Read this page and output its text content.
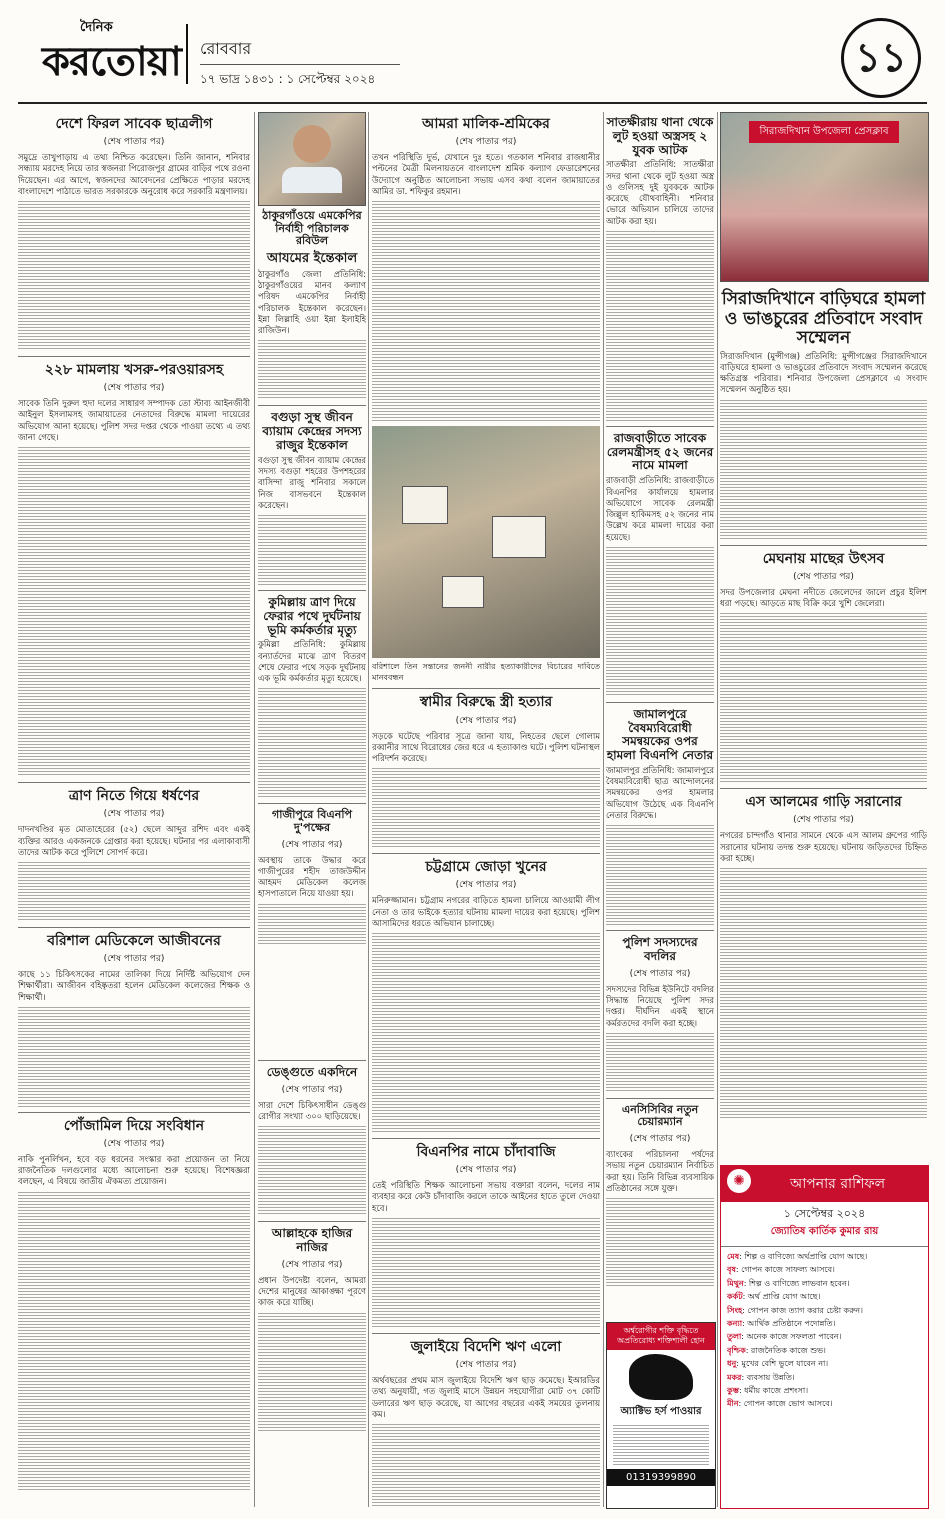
দৈনিক
করতোয়া রোববার
১৭ ভাদ্র ১৪৩১ : ১ সেপ্টেম্বর ২০২৪	১১
দেশে ফিরল সাবেক ছাত্রলীগ
(শেষ পাতার পর)
সমুদ্রে তাখুপাড়ায় এ তথ্য নিশ্চিত করেছেন। তিনি জানান, শনিবার সন্ধ্যায় মরদেহ নিয়ে তার স্বজনরা পিরোজপুর গ্রামের বাড়ির পথে রওনা দিয়েছেন। এর আগে, স্বজনদের আবেদনের প্রেক্ষিতে পাড়ার মরদেহ বাংলাদেশে পাঠাতে ভারত সরকারকে অনুরোধ করে সরকারি মন্ত্রণালয়।
২২৮ মামলায় খসরু-পরওয়ারসহ
(শেষ পাতার পর)
সাবেক তিনি দুরুল হুদা দলের সাধারণ সম্পাদক তো স্টাব্য আইনজীবী আইনুল ইসলামসহ জামায়াতের নেতাদের বিরুদ্ধে মামলা দায়েরের অভিযোগ আনা হয়েছে। পুলিশ সদর দপ্তর থেকে পাওয়া তথ্যে এ তথ্য জানা গেছে।
ত্রাণ নিতে গিয়ে ধর্ষণের
(শেষ পাতার পর)
দাদনখণ্ডির মৃত মোতাহেরের (৫২) ছেলে আব্দুর রশিদ এবং একই ব্যক্তির আরও একজনকে গ্রেপ্তার করা হয়েছে। ঘটনার পর এলাকাবাসী তাদের আটক করে পুলিশে সোপর্দ করে।
বরিশাল মেডিকেলে আজীবনের
(শেষ পাতার পর)
কাছে ১১ চিকিৎসকের নামের তালিকা দিয়ে নির্দিষ্ট অভিযোগ দেন শিক্ষার্থীরা। আজীবন বহিষ্কৃতরা হলেন মেডিকেল কলেজের শিক্ষক ও শিক্ষার্থী।
পোঁজামিল দিয়ে সংবিধান
(শেষ পাতার পর)
নাকি পুনর্লিখন, হবে বড় ধরনের সংস্কার করা প্রয়োজন তা নিয়ে রাজনৈতিক দলগুলোর মধ্যে আলোচনা শুরু হয়েছে। বিশেষজ্ঞরা বলছেন, এ বিষয়ে জাতীয় ঐকমত্য প্রয়োজন।
ঠাকুরগাঁওয়ে এমকেপির নির্বাহী পরিচালক রবিউল
আযমের ইন্তেকাল
ঠাকুরগাঁও জেলা প্রতিনিধি: ঠাকুরগাঁওয়ের মানব কল্যাণ পরিষদ এমকেপির নির্বাহী পরিচালক ইন্তেকাল করেছেন। ইন্না লিল্লাহি ওয়া ইন্না ইলাইহি রাজিউন।
বগুড়া সুস্থ জীবন ব্যায়াম কেন্দ্রের সদস্য রাজুর ইন্তেকাল
বগুড়া সুস্থ জীবন ব্যায়াম কেন্দ্রের সদস্য বগুড়া শহরের উপশহরের বাসিন্দা রাজু শনিবার সকালে নিজ বাসভবনে ইন্তেকাল করেছেন।
কুমিল্লায় ত্রাণ দিয়ে ফেরার পথে দুর্ঘটনায় ভূমি কর্মকর্তার মৃত্যু
কুমিল্লা প্রতিনিধি: কুমিল্লায় বন্যার্তদের মাঝে ত্রাণ বিতরণ শেষে ফেরার পথে সড়ক দুর্ঘটনায় এক ভূমি কর্মকর্তার মৃত্যু হয়েছে।
গাজীপুরে বিএনপি দু'পক্ষের
(শেষ পাতার পর)
অবস্থায় তাকে উদ্ধার করে গাজীপুরের শহীদ তাজউদ্দীন আহমদ মেডিকেল কলেজ হাসপাতালে নিয়ে যাওয়া হয়।
ডেঙ্গুতে একদিনে
(শেষ পাতার পর)
সারা দেশে চিকিৎসাধীন ডেঙ্গু রোগীর সংখ্যা ৩০০ ছাড়িয়েছে।
আল্লাহকে হাজির নাজির
(শেষ পাতার পর)
প্রধান উপদেষ্টা বলেন, আমরা দেশের মানুষের আকাঙ্ক্ষা পূরণে কাজ করে যাচ্ছি।
আমরা মালিক-শ্রমিকের
(শেষ পাতার পর)
তখন পরিস্থিতি দুর্ভ, যেখানে দুঃ হতে। গতকাল শনিবার রাজধানীর পল্টনের মৈত্রী মিলনায়তনে বাংলাদেশ শ্রমিক কল্যাণ ফেডারেশনের উদ্যোগে অনুষ্ঠিত আলোচনা সভায় এসব কথা বলেন জামায়াতের আমির ডা. শফিকুর রহমান।
বরিশালে তিন সন্তানের জননী নারীর হত্যাকারীদের বিচারের দাবিতে মানববন্ধন
স্বামীর বিরুদ্ধে স্ত্রী হত্যার
(শেষ পাতার পর)
সড়কে ঘটেছে পরিবার সূত্রে জানা যায়, নিহতের ছেলে গোলাম রব্বানীর সাথে বিরোধের জের ধরে এ হত্যাকাণ্ড ঘটে। পুলিশ ঘটনাস্থল পরিদর্শন করেছে।
চট্টগ্রামে জোড়া খুনের
(শেষ পাতার পর)
মনিরুজ্জামান। চট্টগ্রাম নগরের বাড়িতে হামলা চালিয়ে আওয়ামী লীগ নেতা ও তার ভাইকে হত্যার ঘটনায় মামলা দায়ের করা হয়েছে। পুলিশ আসামিদের ধরতে অভিযান চালাচ্ছে।
বিএনপির নামে চাঁদাবাজি
(শেষ পাতার পর)
তেই পরিস্থিতি শিক্ষক আলোচনা সভায় বক্তারা বলেন, দলের নাম ব্যবহার করে কেউ চাঁদাবাজি করলে তাকে আইনের হাতে তুলে দেওয়া হবে।
জুলাইয়ে বিদেশি ঋণ এলো
(শেষ পাতার পর)
অর্থবছরের প্রথম মাস জুলাইয়ে বিদেশি ঋণ ছাড় কমেছে। ইআরডির তথ্য অনুযায়ী, গত জুলাই মাসে উন্নয়ন সহযোগীরা মোট ৩৭ কোটি ডলারের ঋণ ছাড় করেছে, যা আগের বছরের একই সময়ের তুলনায় কম।
সাতক্ষীরায় থানা থেকে লুট হওয়া অস্ত্রসহ ২ যুবক আটক
সাতক্ষীরা প্রতিনিধি: সাতক্ষীরা সদর থানা থেকে লুট হওয়া অস্ত্র ও গুলিসহ দুই যুবককে আটক করেছে যৌথবাহিনী। শনিবার ভোরে অভিযান চালিয়ে তাদের আটক করা হয়।
রাজবাড়ীতে সাবেক রেলমন্ত্রীসহ ৫২ জনের নামে মামলা
রাজবাড়ী প্রতিনিধি: রাজবাড়ীতে বিএনপির কার্যালয়ে হামলার অভিযোগে সাবেক রেলমন্ত্রী জিল্লুল হাকিমসহ ৫২ জনের নাম উল্লেখ করে মামলা দায়ের করা হয়েছে।
জামালপুরে বৈষম্যবিরোধী সমন্বয়কের ওপর হামলা বিএনপি নেতার
জামালপুর প্রতিনিধি: জামালপুরে বৈষম্যবিরোধী ছাত্র আন্দোলনের সমন্বয়কের ওপর হামলার অভিযোগ উঠেছে এক বিএনপি নেতার বিরুদ্ধে।
পুলিশ সদস্যদের বদলির
(শেষ পাতার পর)
সদস্যদের বিভিন্ন ইউনিটে বদলির সিদ্ধান্ত নিয়েছে পুলিশ সদর দপ্তর। দীর্ঘদিন একই স্থানে কর্মরতদের বদলি করা হচ্ছে।
এনসিসিবির নতুন চেয়ারম্যান
(শেষ পাতার পর)
ব্যাংকের পরিচালনা পর্ষদের সভায় নতুন চেয়ারম্যান নির্বাচিত করা হয়। তিনি বিভিন্ন ব্যবসায়িক প্রতিষ্ঠানের সঙ্গে যুক্ত।
অর্শ্বরোগীর শক্তি বৃদ্ধিতে অপ্রতিরোধ্য শক্তিশালী হোন
অ্যাক্টিভ হর্স পাওয়ার
01319399890
সিরাজদিখান উপজেলা প্রেসক্লাব
সিরাজদিখানে বাড়িঘরে হামলা ও ভাঙচুরের প্রতিবাদে সংবাদ সম্মেলন
সিরাজদিখান (মুন্সীগঞ্জ) প্রতিনিধি: মুন্সীগঞ্জের সিরাজদিখানে বাড়িঘরে হামলা ও ভাঙচুরের প্রতিবাদে সংবাদ সম্মেলন করেছে ক্ষতিগ্রস্ত পরিবার। শনিবার উপজেলা প্রেসক্লাবে এ সংবাদ সম্মেলন অনুষ্ঠিত হয়।
মেঘনায় মাছের উৎসব
(শেষ পাতার পর)
সদর উপজেলার মেঘনা নদীতে জেলেদের জালে প্রচুর ইলিশ ধরা পড়ছে। আড়তে মাছ বিক্রি করে খুশি জেলেরা।
এস আলমের গাড়ি সরানোর
(শেষ পাতার পর)
নগরের চান্দগাঁও থানার সামনে থেকে এস আলম গ্রুপের গাড়ি সরানোর ঘটনায় তদন্ত শুরু হয়েছে। ঘটনায় জড়িতদের চিহ্নিত করা হচ্ছে।
✺	আপনার রাশিফল
১ সেপ্টেম্বর ২০২৪
জ্যোতিষ কার্তিক কুমার রায়
মেষ: শিল্প ও বাণিজ্যে অর্থপ্রাপ্তি যোগ আছে।
বৃষ: গোপন কাজে সাফল্য আসবে।
মিথুন: শিল্প ও বাণিজ্যে লাভবান হবেন।
কর্কট: অর্থ প্রাপ্তি যোগ আছে।
সিংহ: গোপন কাজ ত্যাগ করার চেষ্টা করুন।
কন্যা: আর্থিক প্রতিষ্ঠানে পদোন্নতি।
তুলা: অনেক কাজে সফলতা পাবেন।
বৃশ্চিক: রাজনৈতিক কাজে শুভ।
ধনু: মুখের বেশি ভুলে যাবেন না।
মকর: ব্যবসায় উন্নতি।
কুম্ভ: ধর্মীয় কাজে প্রশংসা।
মীন: গোপন কাজে ভোগ আসবে।
